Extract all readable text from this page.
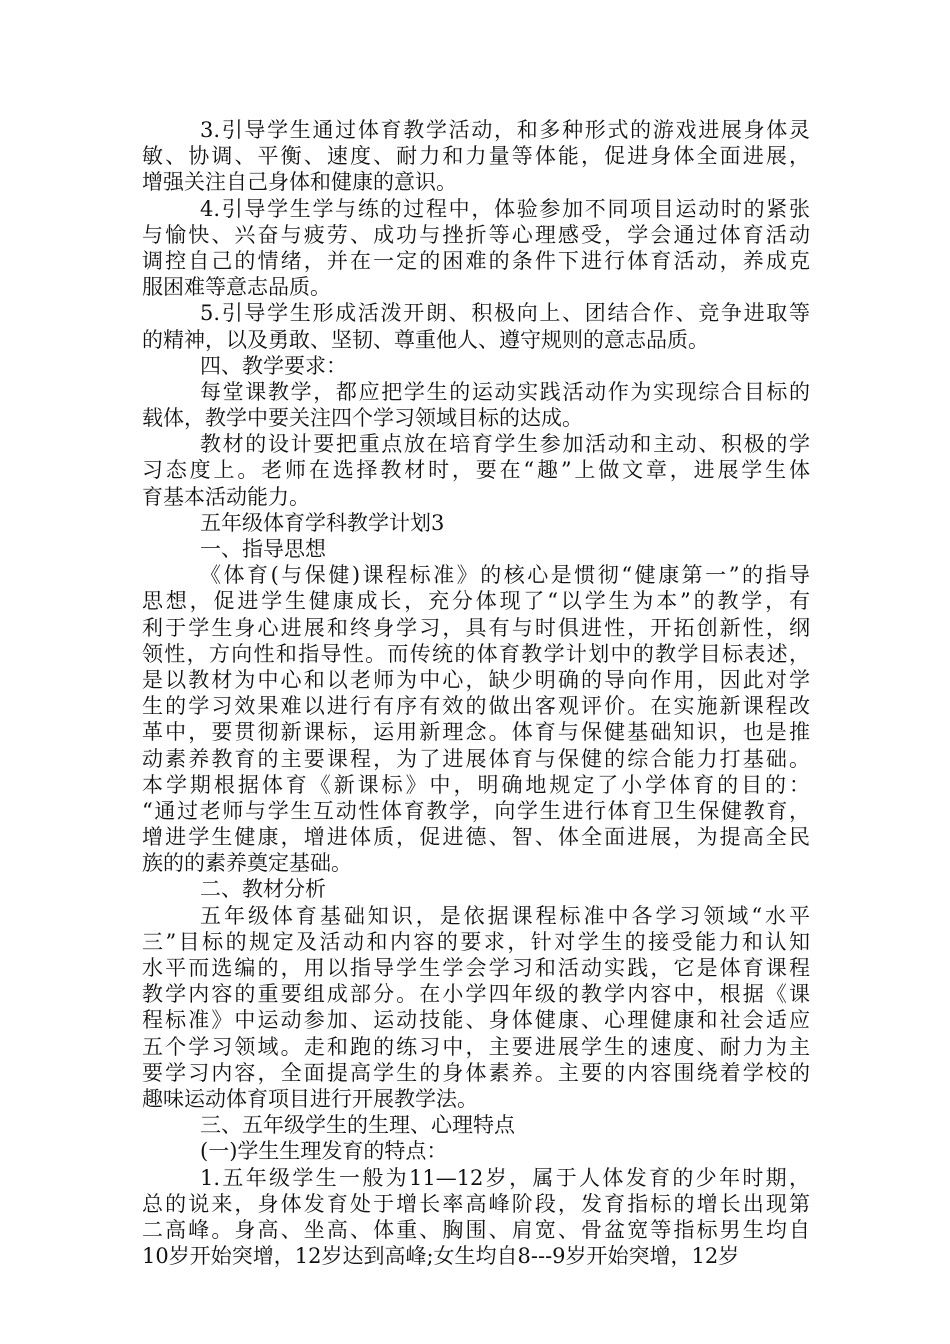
3.引导学生通过体育教学活动，和多种形式的游戏进展身体灵
敏、协调、平衡、速度、耐力和力量等体能，促进身体全面进展，
增强关注自己身体和健康的意识。
4.引导学生学与练的过程中，体验参加不同项目运动时的紧张
与愉快、兴奋与疲劳、成功与挫折等心理感受，学会通过体育活动
调控自己的情绪，并在一定的困难的条件下进行体育活动，养成克
服困难等意志品质。
5.引导学生形成活泼开朗、积极向上、团结合作、竞争进取等
的精神，以及勇敢、坚韧、尊重他人、遵守规则的意志品质。
四、教学要求：
每堂课教学，都应把学生的运动实践活动作为实现综合目标的
载体，教学中要关注四个学习领域目标的达成。
教材的设计要把重点放在培育学生参加活动和主动、积极的学
习态度上。老师在选择教材时，要在“趣”上做文章，进展学生体
育基本活动能力。
五年级体育学科教学计划3
一、指导思想
《体育(与保健)课程标准》的核心是惯彻“健康第一”的指导
思想，促进学生健康成长，充分体现了“以学生为本”的教学，有
利于学生身心进展和终身学习，具有与时俱进性，开拓创新性，纲
领性，方向性和指导性。而传统的体育教学计划中的教学目标表述，
是以教材为中心和以老师为中心，缺少明确的导向作用，因此对学
生的学习效果难以进行有序有效的做出客观评价。在实施新课程改
革中，要贯彻新课标，运用新理念。体育与保健基础知识，也是推
动素养教育的主要课程，为了进展体育与保健的综合能力打基础。
本学期根据体育《新课标》中，明确地规定了小学体育的目的：
“通过老师与学生互动性体育教学，向学生进行体育卫生保健教育，
增进学生健康，增进体质，促进德、智、体全面进展，为提高全民
族的的素养奠定基础。
二、教材分析
五年级体育基础知识，是依据课程标准中各学习领域“水平
三”目标的规定及活动和内容的要求，针对学生的接受能力和认知
水平而选编的，用以指导学生学会学习和活动实践，它是体育课程
教学内容的重要组成部分。在小学四年级的教学内容中，根据《课
程标准》中运动参加、运动技能、身体健康、心理健康和社会适应
五个学习领域。走和跑的练习中，主要进展学生的速度、耐力为主
要学习内容，全面提高学生的身体素养。主要的内容围绕着学校的
趣味运动体育项目进行开展教学法。
三、五年级学生的生理、心理特点
(一)学生生理发育的特点：
1.五年级学生一般为11—12岁，属于人体发育的少年时期，
总的说来，身体发育处于增长率高峰阶段，发育指标的增长出现第
二高峰。身高、坐高、体重、胸围、肩宽、骨盆宽等指标男生均自
10岁开始突增，12岁达到高峰;女生均自8---9岁开始突增，12岁
